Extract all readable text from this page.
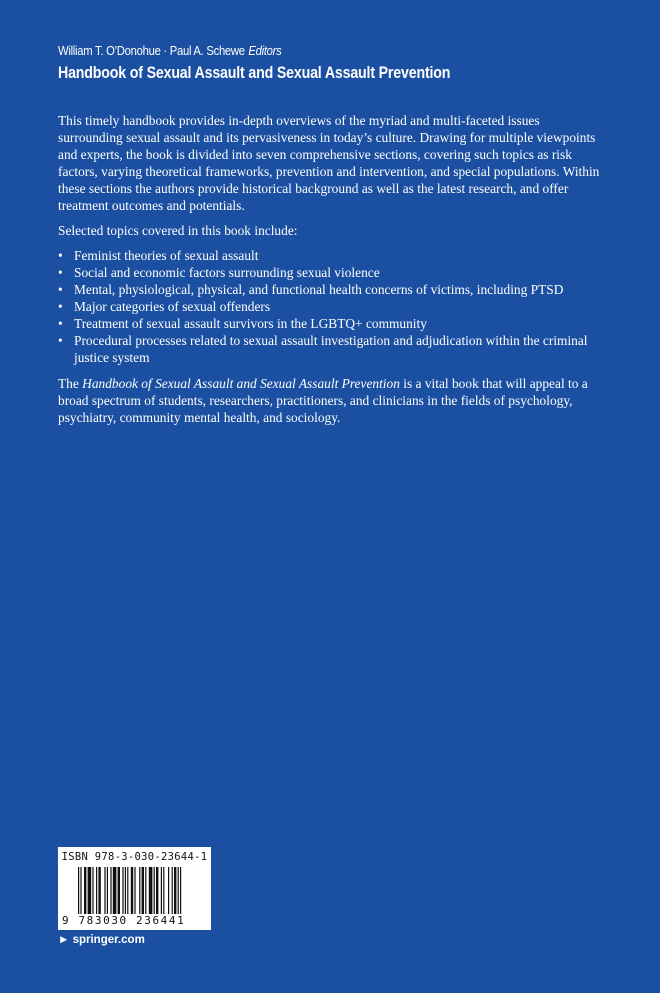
William T. O’Donohue · Paul A. Schewe Editors
Handbook of Sexual Assault and Sexual Assault Prevention

This timely handbook provides in-depth overviews of the myriad and multi-faceted issues surrounding sexual assault and its pervasiveness in today’s culture. Drawing for multiple viewpoints and experts, the book is divided into seven comprehensive sections, covering such topics as risk factors, varying theoretical frameworks, prevention and intervention, and special populations. Within these sections the authors provide historical background as well as the latest research, and offer treatment outcomes and potentials.

Selected topics covered in this book include:

• Feminist theories of sexual assault
• Social and economic factors surrounding sexual violence
• Mental, physiological, physical, and functional health concerns of victims, including PTSD
• Major categories of sexual offenders
• Treatment of sexual assault survivors in the LGBTQ+ community
• Procedural processes related to sexual assault investigation and adjudication within the criminal justice system

The Handbook of Sexual Assault and Sexual Assault Prevention is a vital book that will appeal to a broad spectrum of students, researchers, practitioners, and clinicians in the fields of psychology, psychiatry, community mental health, and sociology.

ISBN 978-3-030-23644-1
9 783030 236441
► springer.com
